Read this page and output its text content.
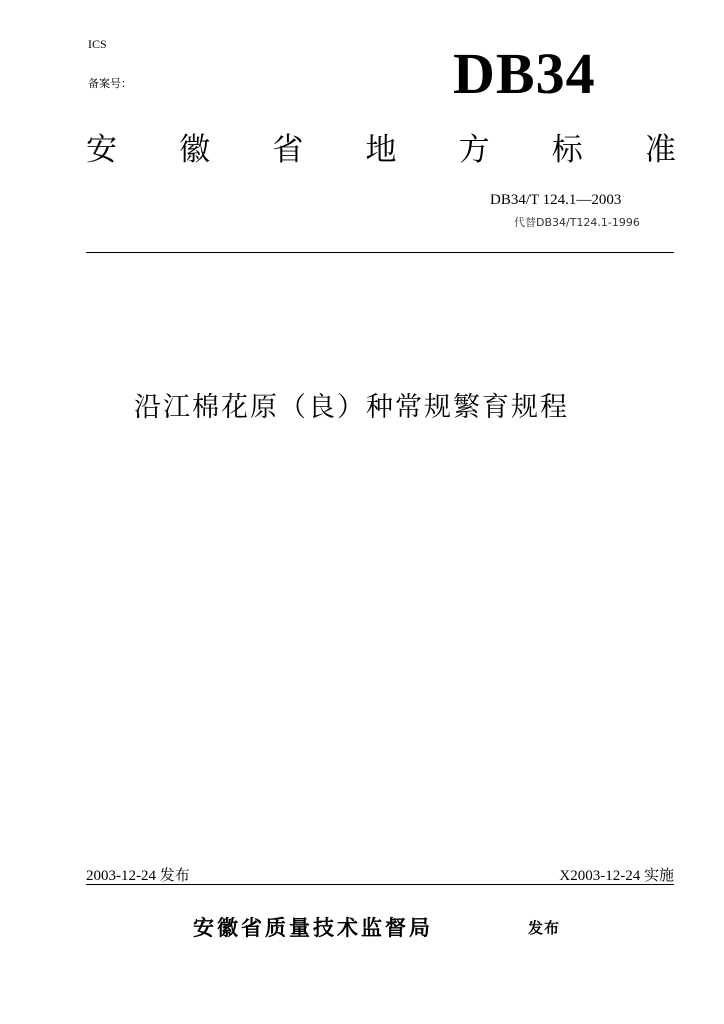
ICS
备案号：	DB34
安 徽 省 地 方 标 准
DB34/T 124.1—2003
代替DB34/T124.1-1996
沿江棉花原（良）种常规繁育规程
2003-12-24 发布	X2003-12-24 实施
安徽省质量技术监督局	发布
